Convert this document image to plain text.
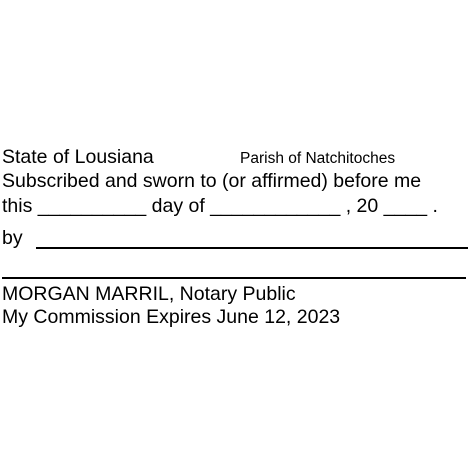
State of Lousiana	Parish of Natchitoches
Subscribed and sworn to (or affirmed) before me
this __________ day of ____________ , 20 ____ .
by
MORGAN MARRIL, Notary Public
My Commission Expires June 12, 2023
